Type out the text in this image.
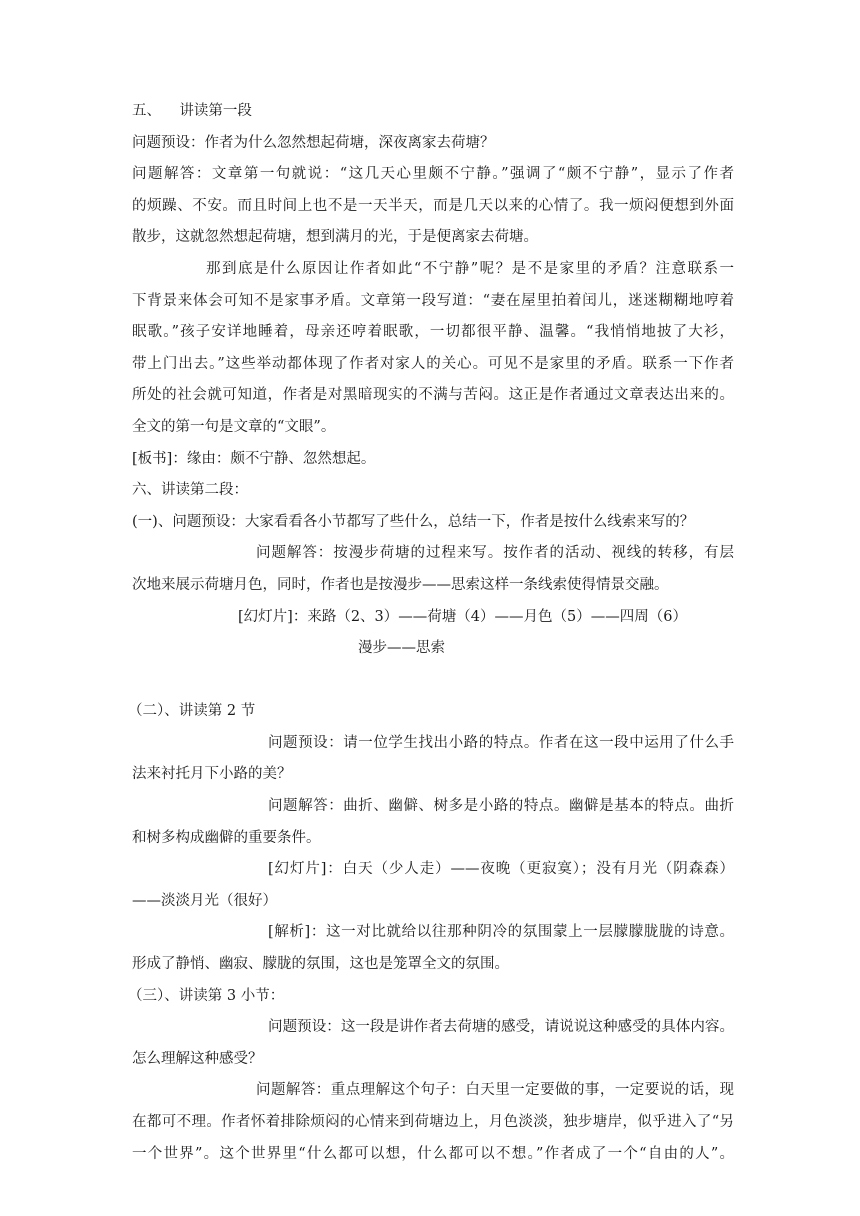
五、    讲读第一段

问题预设：作者为什么忽然想起荷塘，深夜离家去荷塘？

问题解答：文章第一句就说：“这几天心里颇不宁静。”强调了“颇不宁静”，显示了作者

的烦躁、不安。而且时间上也不是一天半天，而是几天以来的心情了。我一烦闷便想到外面

散步，这就忽然想起荷塘，想到满月的光，于是便离家去荷塘。

那到底是什么原因让作者如此“不宁静”呢？是不是家里的矛盾？注意联系一

下背景来体会可知不是家事矛盾。文章第一段写道：“妻在屋里拍着闰儿，迷迷糊糊地哼着

眠歌。”孩子安详地睡着，母亲还哼着眠歌，一切都很平静、温馨。“我悄悄地披了大衫，

带上门出去。”这些举动都体现了作者对家人的关心。可见不是家里的矛盾。联系一下作者

所处的社会就可知道，作者是对黑暗现实的不满与苦闷。这正是作者通过文章表达出来的。

全文的第一句是文章的“文眼”。

[板书]：缘由：颇不宁静、忽然想起。

六、讲读第二段：

(一)、问题预设：大家看看各小节都写了些什么，总结一下，作者是按什么线索来写的？

问题解答：按漫步荷塘的过程来写。按作者的活动、视线的转移，有层

次地来展示荷塘月色，同时，作者也是按漫步——思索这样一条线索使得情景交融。

[幻灯片]：来路（2、3）——荷塘（4）——月色（5）——四周（6）

漫步——思索

（二）、讲读第 2 节

问题预设：请一位学生找出小路的特点。作者在这一段中运用了什么手

法来衬托月下小路的美？

问题解答：曲折、幽僻、树多是小路的特点。幽僻是基本的特点。曲折

和树多构成幽僻的重要条件。

[幻灯片]：白天（少人走）——夜晚（更寂寞）；没有月光（阴森森）

——淡淡月光（很好）

[解析]：这一对比就给以往那种阴冷的氛围蒙上一层朦朦胧胧的诗意。

形成了静悄、幽寂、朦胧的氛围，这也是笼罩全文的氛围。

（三）、讲读第 3 小节：

问题预设：这一段是讲作者去荷塘的感受，请说说这种感受的具体内容。

怎么理解这种感受？

问题解答：重点理解这个句子：白天里一定要做的事，一定要说的话，现

在都可不理。作者怀着排除烦闷的心情来到荷塘边上，月色淡淡，独步塘岸，似乎进入了“另

一个世界”。这个世界里“什么都可以想，什么都可以不想。”作者成了一个“自由的人”。
